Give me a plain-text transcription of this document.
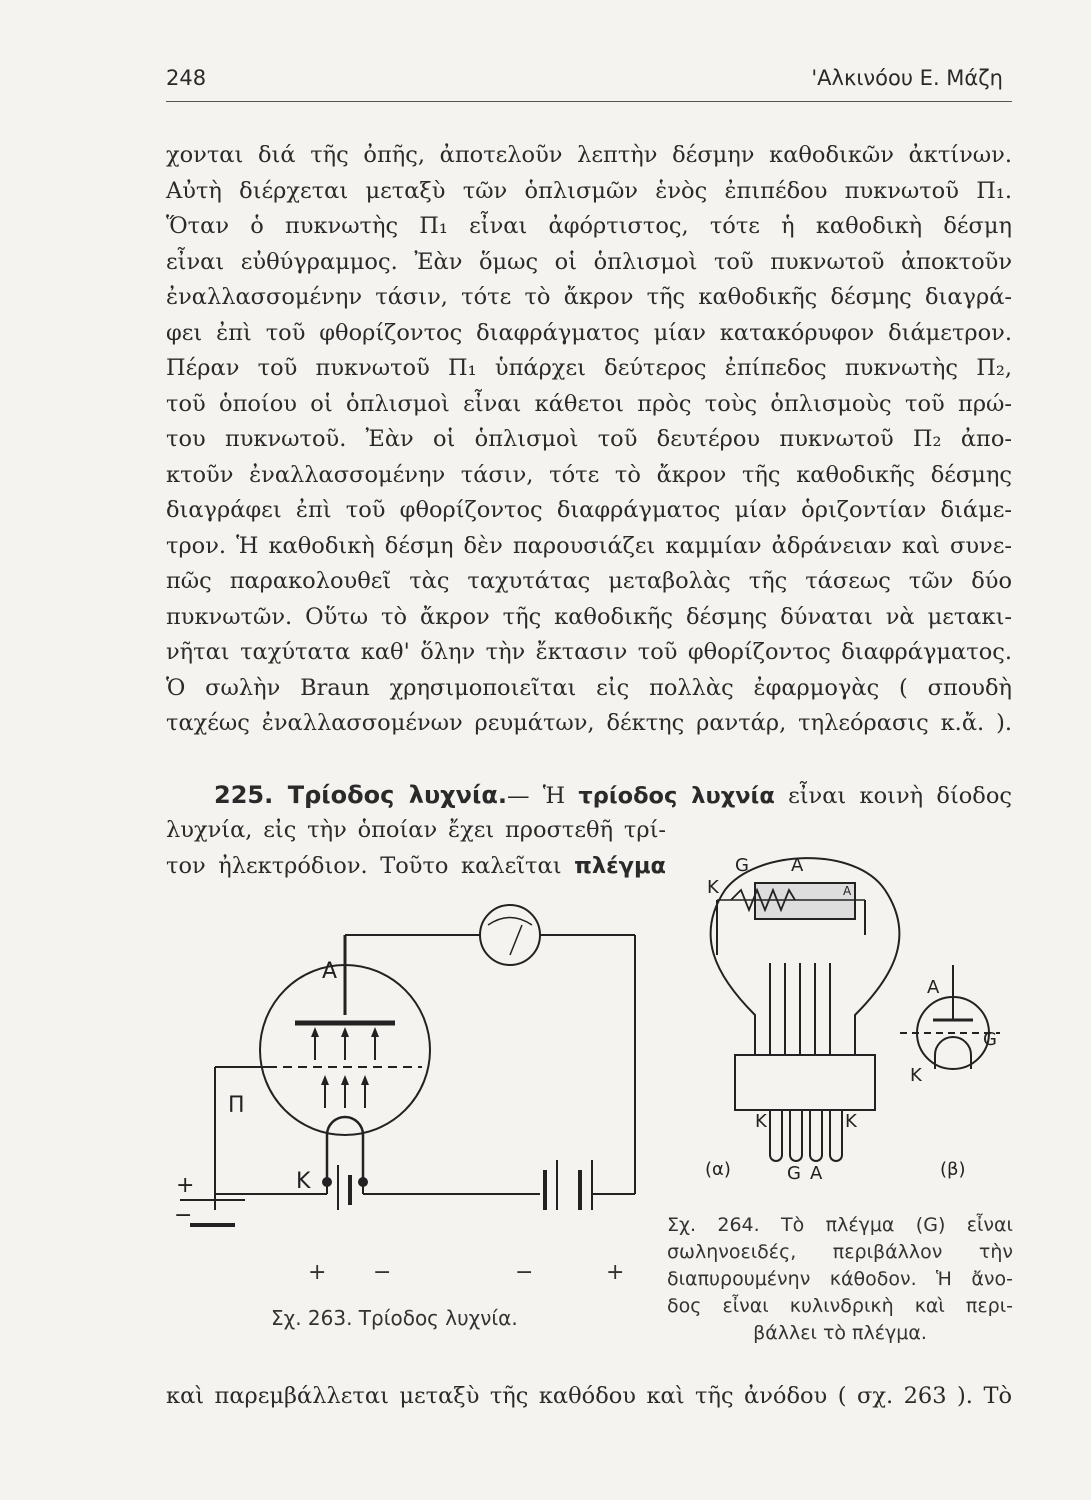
248	'Αλκινόου Ε. Μάζη
χονται διά τῆς ὀπῆς, ἀποτελοῦν λεπτὴν δέσμην καθοδικῶν ἀκτίνων.
Αὐτὴ διέρχεται μεταξὺ τῶν ὁπλισμῶν ἑνὸς ἐπιπέδου πυκνωτοῦ Π₁.
Ὅταν ὁ πυκνωτὴς Π₁ εἶναι ἀφόρτιστος, τότε ἡ καθοδικὴ δέσμη
εἶναι εὐθύγραμμος. Ἐὰν ὅμως οἱ ὁπλισμοὶ τοῦ πυκνωτοῦ ἀποκτοῦν
ἐναλλασσομένην τάσιν, τότε τὸ ἄκρον τῆς καθοδικῆς δέσμης διαγρά-
φει ἐπὶ τοῦ φθορίζοντος διαφράγματος μίαν κατακόρυφον διάμετρον.
Πέραν τοῦ πυκνωτοῦ Π₁ ὑπάρχει δεύτερος ἐπίπεδος πυκνωτὴς Π₂,
τοῦ ὁποίου οἱ ὁπλισμοὶ εἶναι κάθετοι πρὸς τοὺς ὁπλισμοὺς τοῦ πρώ-
του πυκνωτοῦ. Ἐὰν οἱ ὁπλισμοὶ τοῦ δευτέρου πυκνωτοῦ Π₂ ἀπο-
κτοῦν ἐναλλασσομένην τάσιν, τότε τὸ ἄκρον τῆς καθοδικῆς δέσμης
διαγράφει ἐπὶ τοῦ φθορίζοντος διαφράγματος μίαν ὁριζοντίαν διάμε-
τρον. Ἡ καθοδικὴ δέσμη δὲν παρουσιάζει καμμίαν ἀδράνειαν καὶ συνε-
πῶς παρακολουθεῖ τὰς ταχυτάτας μεταβολὰς τῆς τάσεως τῶν δύο
πυκνωτῶν. Οὕτω τὸ ἄκρον τῆς καθοδικῆς δέσμης δύναται νὰ μετακι-
νῆται ταχύτατα καθ' ὅλην τὴν ἔκτασιν τοῦ φθορίζοντος διαφράγματος.
Ὁ σωλὴν Braun χρησιμοποιεῖται εἰς πολλὰς ἐφαρμογὰς ( σπουδὴ
ταχέως ἐναλλασσομένων ρευμάτων, δέκτης ραντάρ, τηλεόρασις κ.ἄ. ).
225. Τρίοδος λυχνία.— Ἡ τρίοδος λυχνία εἶναι κοινὴ δίοδος
λυχνία, εἰς τὴν ὁποίαν ἔχει προστεθῆ τρί-
τον ἠλεκτρόδιον. Τοῦτο καλεῖται πλέγμα
A
K
Π
+
−
+ −	−	+
Σχ. 263. Τρίοδος λυχνία.
G A
K	A
K	K
G A
(α)
A
G
K
(β)
Σχ. 264. Τὸ πλέγμα (G) εἶναι
σωληνοειδές, περιβάλλον τὴν
διαπυρουμένην κάθοδον. Ἡ ἄνο-
δος εἶναι κυλινδρικὴ καὶ περι-
βάλλει τὸ πλέγμα.
καὶ παρεμβάλλεται μεταξὺ τῆς καθόδου καὶ τῆς ἀνόδου ( σχ. 263 ). Τὸ
